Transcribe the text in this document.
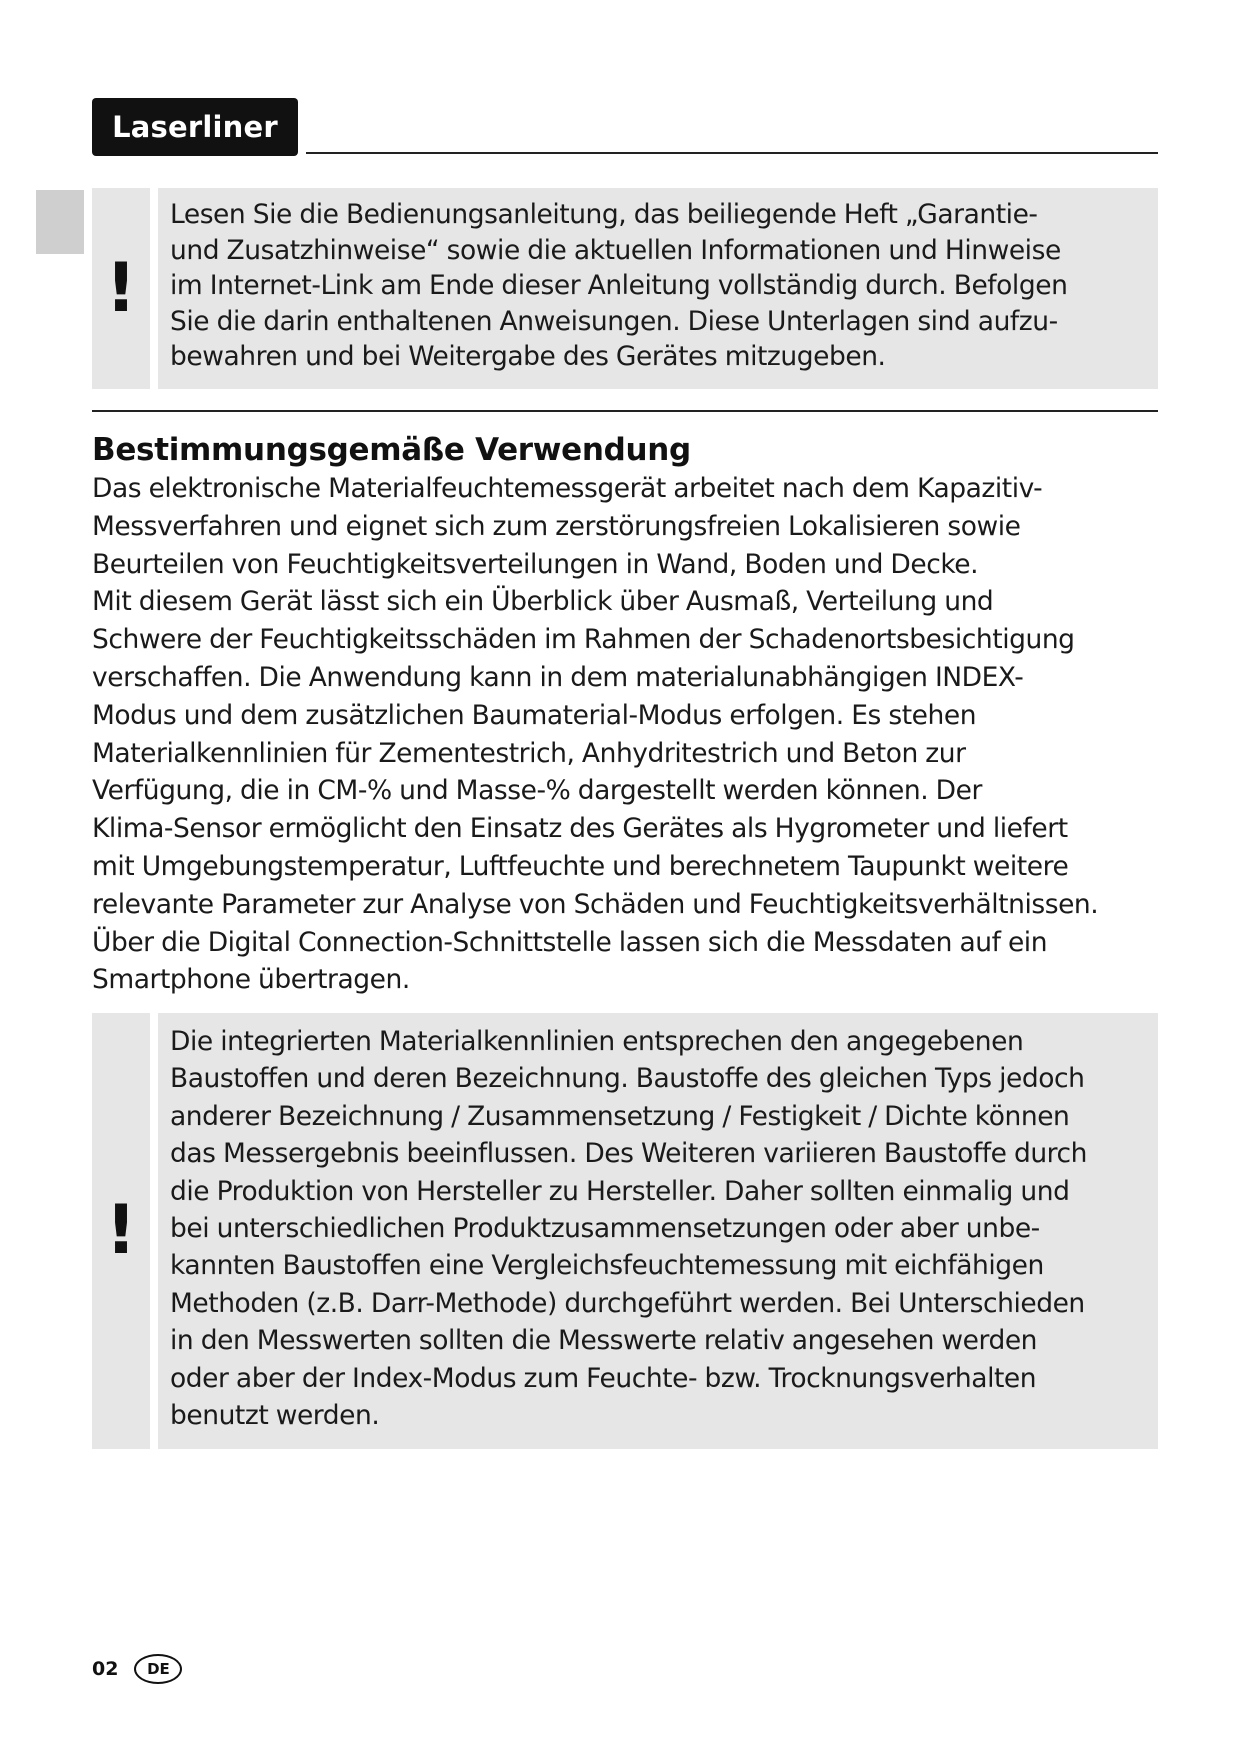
Laserliner
!
Lesen Sie die Bedienungsanleitung, das beiliegende Heft „Garantie-
und Zusatzhinweise“ sowie die aktuellen Informationen und Hinweise
im Internet-Link am Ende dieser Anleitung vollständig durch. Befolgen
Sie die darin enthaltenen Anweisungen. Diese Unterlagen sind aufzu-
bewahren und bei Weitergabe des Gerätes mitzugeben.
Bestimmungsgemäße Verwendung
Das elektronische Materialfeuchtemessgerät arbeitet nach dem Kapazitiv-
Messverfahren und eignet sich zum zerstörungsfreien Lokalisieren sowie
Beurteilen von Feuchtigkeitsverteilungen in Wand, Boden und Decke.
Mit diesem Gerät lässt sich ein Überblick über Ausmaß, Verteilung und
Schwere der Feuchtigkeitsschäden im Rahmen der Schadenortsbesichtigung
verschaffen. Die Anwendung kann in dem materialunabhängigen INDEX-
Modus und dem zusätzlichen Baumaterial-Modus erfolgen. Es stehen
Materialkennlinien für Zementestrich, Anhydritestrich und Beton zur
Verfügung, die in CM-% und Masse-% dargestellt werden können. Der
Klima-Sensor ermöglicht den Einsatz des Gerätes als Hygrometer und liefert
mit Umgebungstemperatur, Luftfeuchte und berechnetem Taupunkt weitere
relevante Parameter zur Analyse von Schäden und Feuchtigkeitsverhältnissen.
Über die Digital Connection-Schnittstelle lassen sich die Messdaten auf ein
Smartphone übertragen.
!
Die integrierten Materialkennlinien entsprechen den angegebenen
Baustoffen und deren Bezeichnung. Baustoffe des gleichen Typs jedoch
anderer Bezeichnung / Zusammensetzung / Festigkeit / Dichte können
das Messergebnis beeinflussen. Des Weiteren variieren Baustoffe durch
die Produktion von Hersteller zu Hersteller. Daher sollten einmalig und
bei unterschiedlichen Produktzusammensetzungen oder aber unbe-
kannten Baustoffen eine Vergleichsfeuchtemessung mit eichfähigen
Methoden (z.B. Darr-Methode) durchgeführt werden. Bei Unterschieden
in den Messwerten sollten die Messwerte relativ angesehen werden
oder aber der Index-Modus zum Feuchte- bzw. Trocknungsverhalten
benutzt werden.
02	DE
